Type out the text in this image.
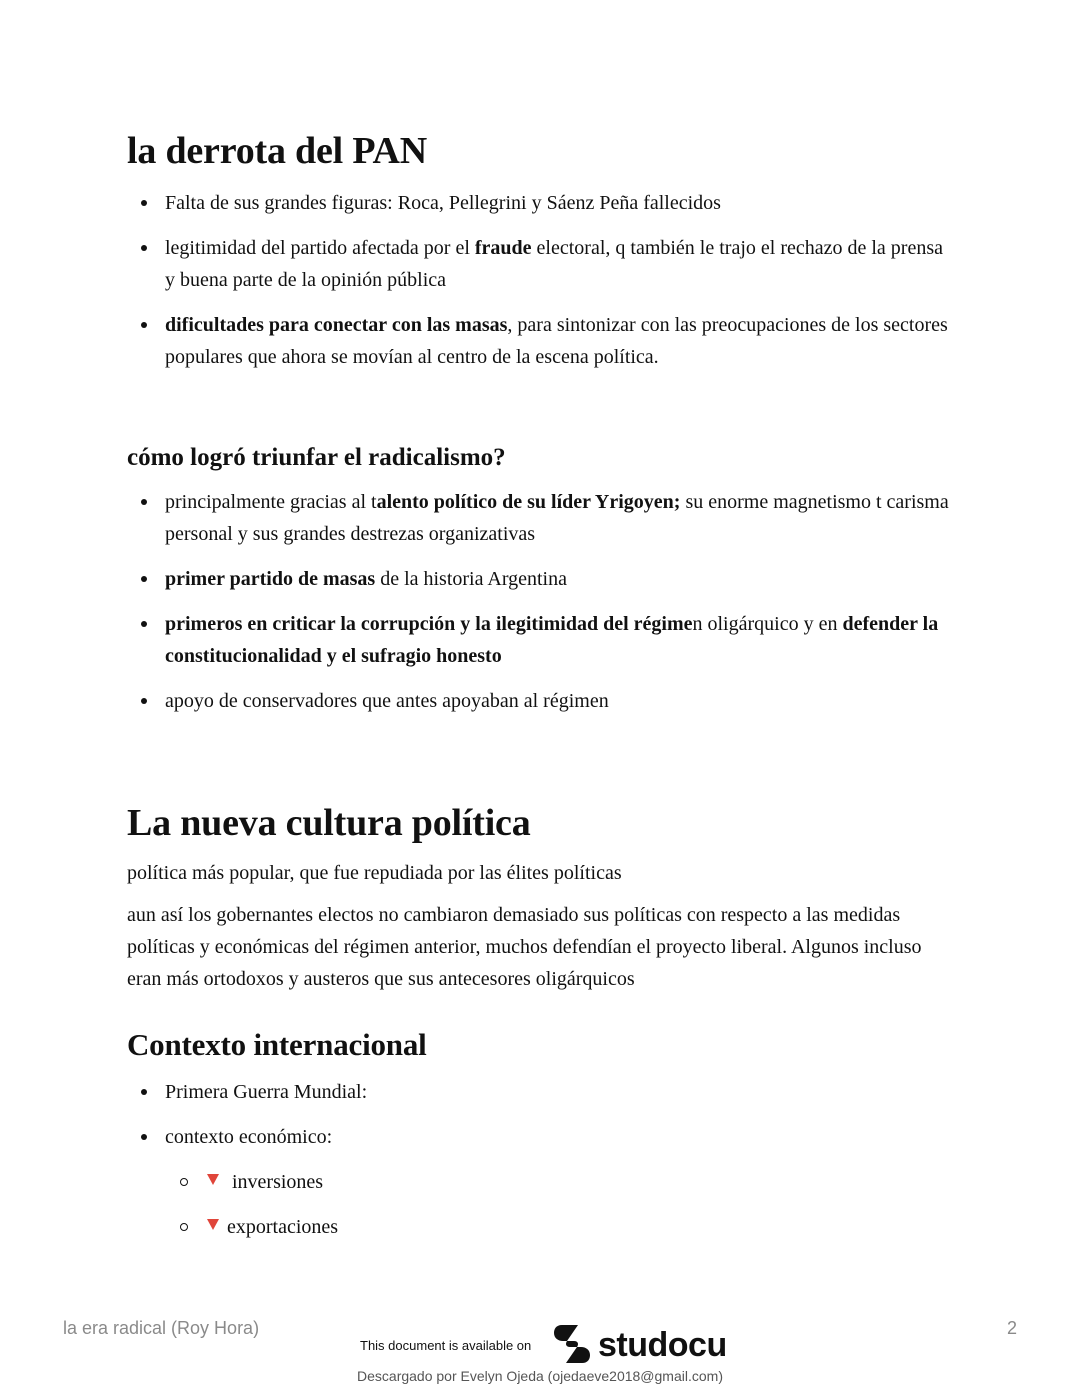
la derrota del PAN
Falta de sus grandes figuras: Roca, Pellegrini y Sáenz Peña fallecidos
legitimidad del partido afectada por el fraude electoral, q también le trajo el rechazo de la prensa y buena parte de la opinión pública
dificultades para conectar con las masas, para sintonizar con las preocupaciones de los sectores populares que ahora se movían al centro de la escena política.
cómo logró triunfar el radicalismo?
principalmente gracias al talento político de su líder Yrigoyen; su enorme magnetismo t carisma personal y sus grandes destrezas organizativas
primer partido de masas de la historia Argentina
primeros en criticar la corrupción y la ilegitimidad del régimen oligárquico y en defender la constitucionalidad y el sufragio honesto
apoyo de conservadores que antes apoyaban al régimen
La nueva cultura política

política más popular, que fue repudiada por las élites políticas

aun así los gobernantes electos no cambiaron demasiado sus políticas con respecto a las medidas políticas y económicas del régimen anterior, muchos defendían el proyecto liberal. Algunos incluso eran más ortodoxos y austeros que sus antecesores oligárquicos

Contexto internacional
Primera Guerra Mundial:
contexto económico:
inversiones
exportaciones
la era radical (Roy Hora)	2
This document is available on studocu
Descargado por Evelyn Ojeda (ojedaeve2018@gmail.com)
